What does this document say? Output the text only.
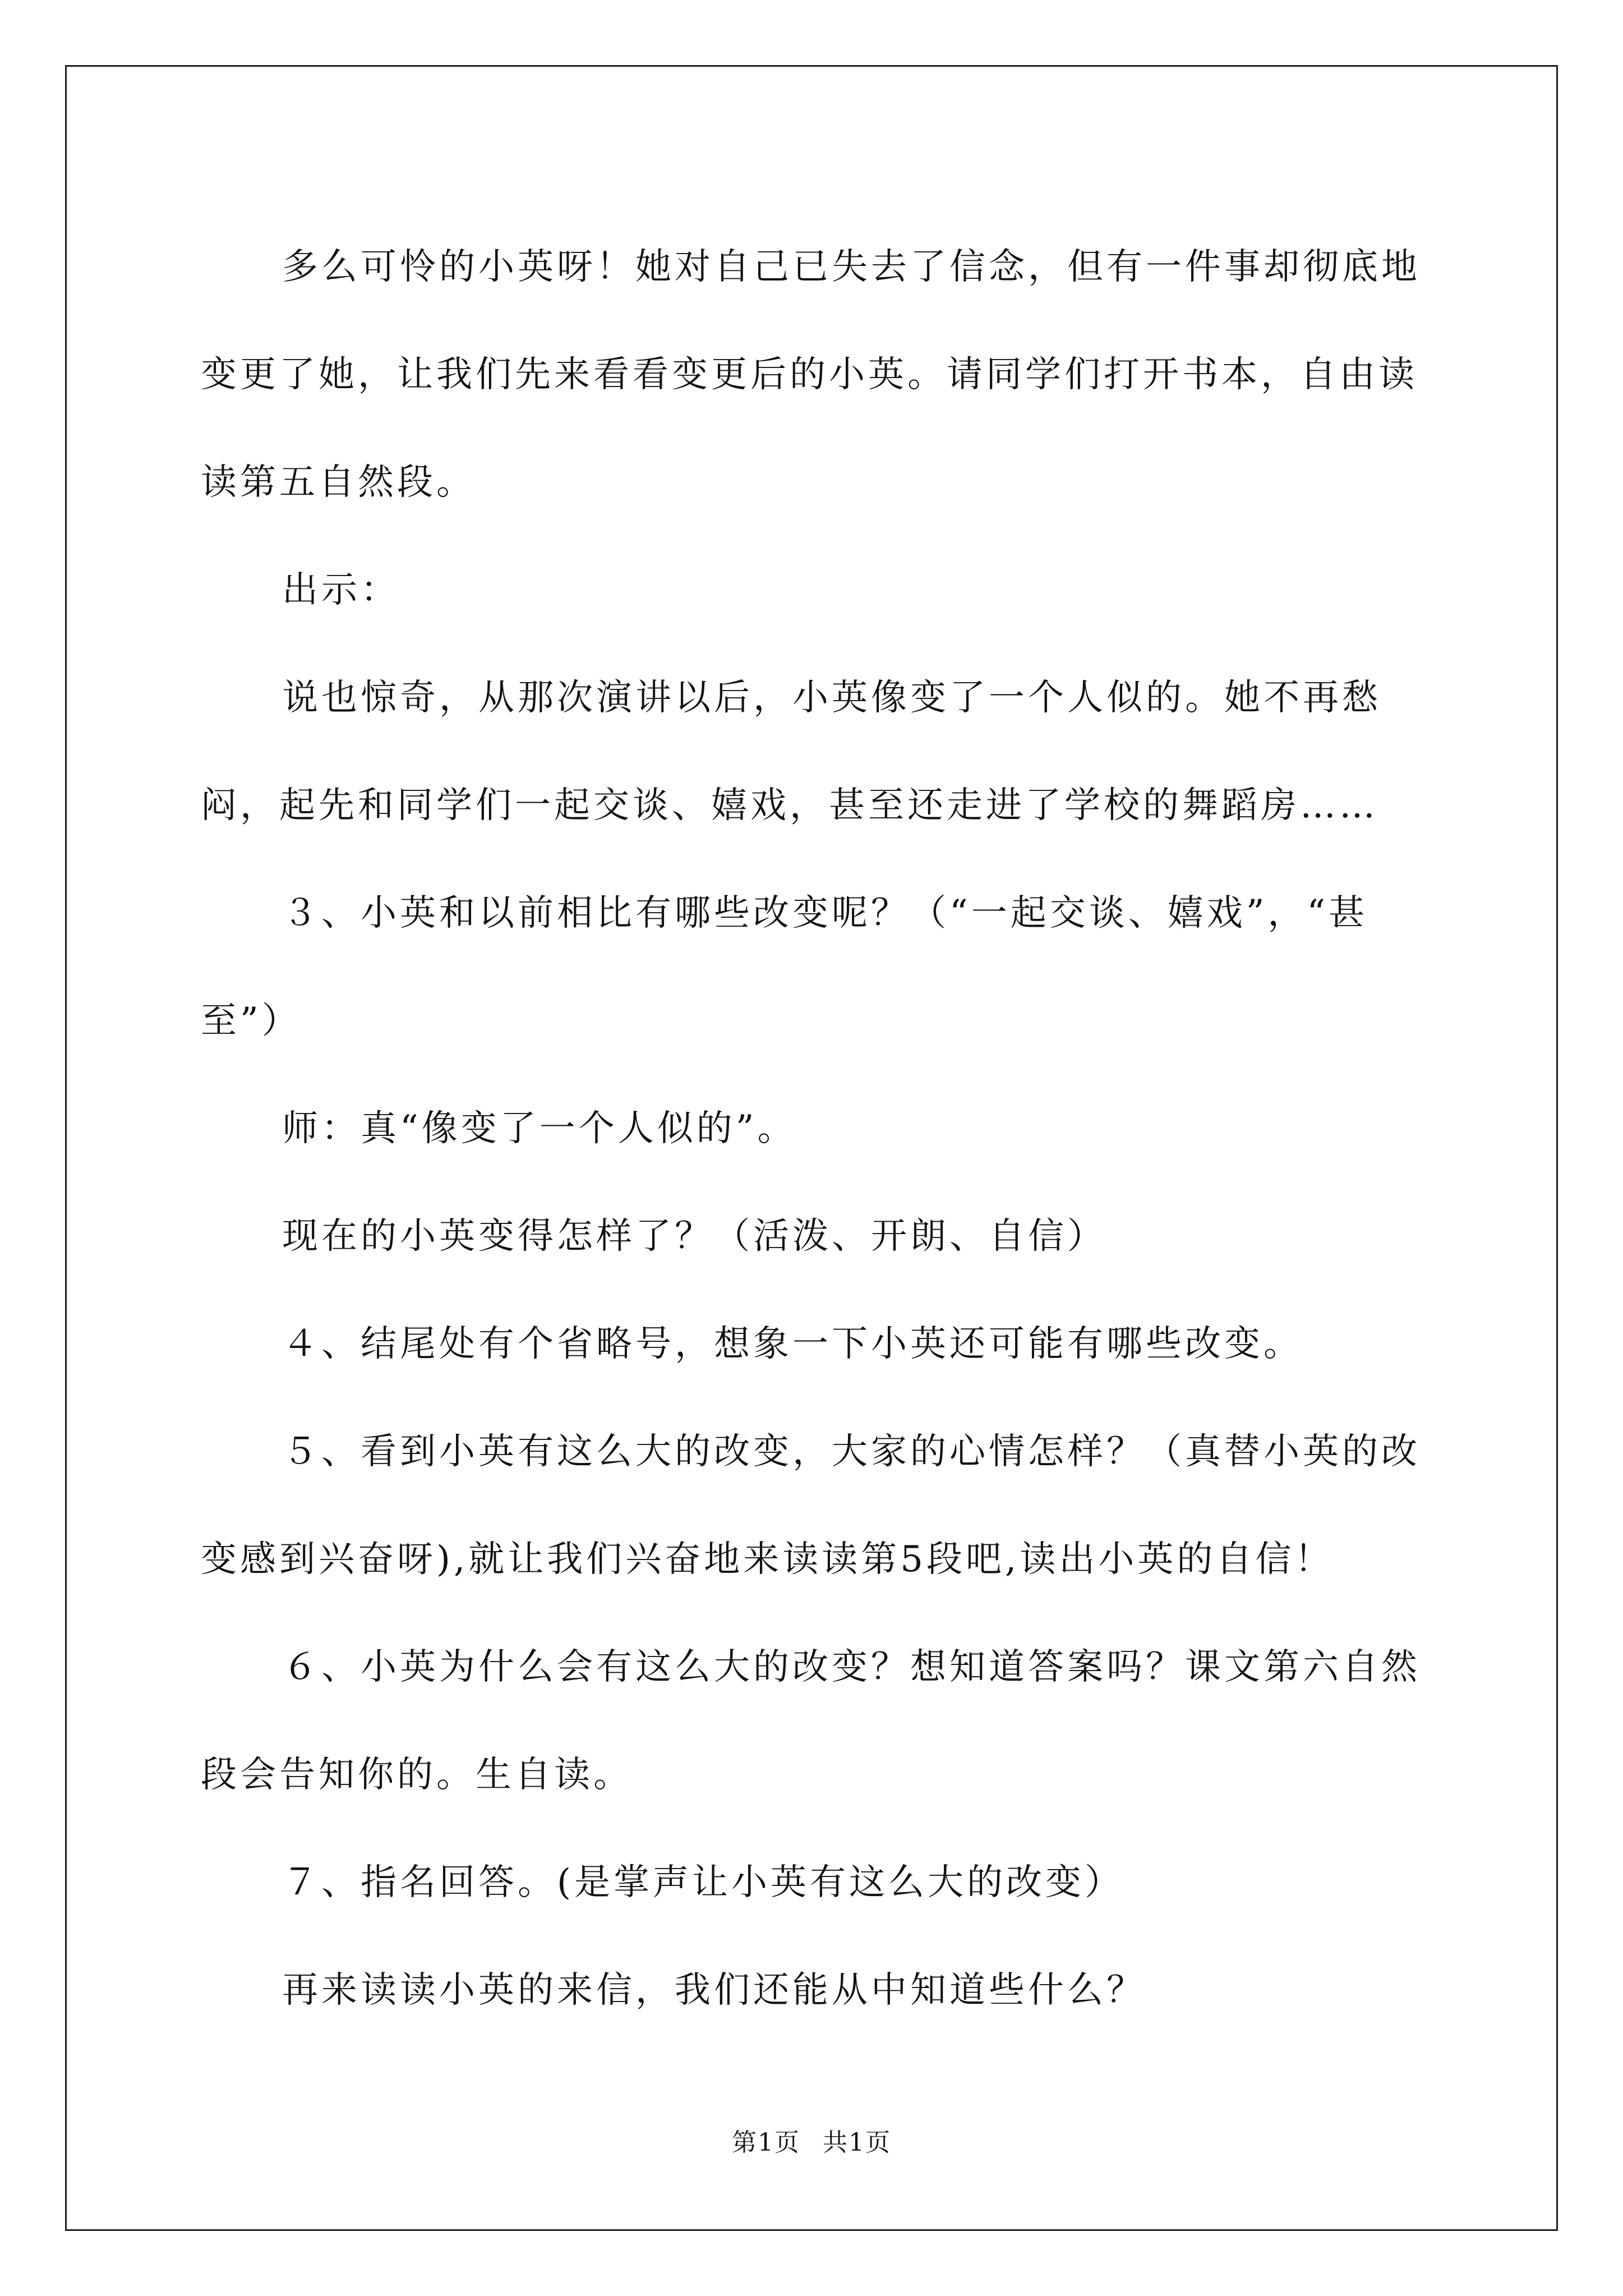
多么可怜的小英呀！她对自己已失去了信念，但有一件事却彻底地变更了她，让我们先来看看变更后的小英。请同学们打开书本，自由读读第五自然段。

出示：

说也惊奇，从那次演讲以后，小英像变了一个人似的。她不再愁闷，起先和同学们一起交谈、嬉戏，甚至还走进了学校的舞蹈房……

３、小英和以前相比有哪些改变呢？（“一起交谈、嬉戏”，“甚至”）

师：真“像变了一个人似的”。

现在的小英变得怎样了？（活泼、开朗、自信）

４、结尾处有个省略号，想象一下小英还可能有哪些改变。

５、看到小英有这么大的改变，大家的心情怎样？（真替小英的改变感到兴奋呀),就让我们兴奋地来读读第5段吧,读出小英的自信！

６、小英为什么会有这么大的改变？想知道答案吗？课文第六自然段会告知你的。生自读。

７、指名回答。(是掌声让小英有这么大的改变）

再来读读小英的来信，我们还能从中知道些什么？

第1页 共1页
